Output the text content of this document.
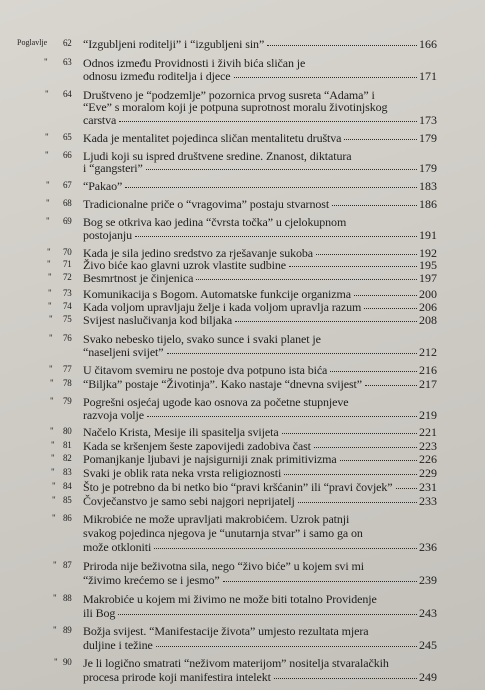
Poglavlje 62 “Izgubljeni roditelji” i “izgubljeni sin”	166
" 63 Odnos između Providnosti i živih bića sličan je
odnosu između roditelja i djece	171
" 64 Društveno je “podzemlje” pozornica prvog susreta “Adama” i
“Eve” s moralom koji je potpuna suprotnost moralu životinjskog
carstva	173
" 65 Kada je mentalitet pojedinca sličan mentalitetu društva	179
" 66 Ljudi koji su ispred društvene sredine. Znanost, diktatura
i “gangsteri”	179
" 67 “Pakao”	183
" 68 Tradicionalne priče o “vragovima” postaju stvarnost	186
" 69 Bog se otkriva kao jedina “čvrsta točka” u cjelokupnom
postojanju	191
" 70 Kada je sila jedino sredstvo za rješavanje sukoba	192
" 71 Živo biće kao glavni uzrok vlastite sudbine	195
" 72 Besmrtnost je činjenica	197
" 73 Komunikacija s Bogom. Automatske funkcije organizma	200
" 74 Kada voljom upravljaju želje i kada voljom upravlja razum	206
" 75 Svijest naslučivanja kod biljaka	208
" 76 Svako nebesko tijelo, svako sunce i svaki planet je
“naseljeni svijet”	212
" 77 U čitavom svemiru ne postoje dva potpuno ista bića	216
" 78 “Biljka” postaje “Životinja”. Kako nastaje “dnevna svijest”	217
" 79 Pogrešni osjećaj ugode kao osnova za početne stupnjeve
razvoja volje	219
" 80 Načelo Krista, Mesije ili spasitelja svijeta	221
" 81 Kada se kršenjem šeste zapovijedi zadobiva čast	223
" 82 Pomanjkanje ljubavi je najsigurniji znak primitivizma	226
" 83 Svaki je oblik rata neka vrsta religioznosti	229
" 84 Što je potrebno da bi netko bio “pravi kršćanin” ili “pravi čovjek” 231
" 85 Čovječanstvo je samo sebi najgori neprijatelj	233
" 86 Mikrobiće ne može upravljati makrobićem. Uzrok patnji
svakog pojedinca njegova je “unutarnja stvar” i samo ga on
može otkloniti	236
" 87 Priroda nije beživotna sila, nego “živo biće” u kojem svi mi
“živimo krećemo se i jesmo”	239
" 88 Makrobiće u kojem mi živimo ne može biti totalno Providenje
ili Bog	243
" 89 Božja svijest. “Manifestacije života” umjesto rezultata mjera
duljine i težine	245
" 90 Je li logično smatrati “neživom materijom” nositelja stvaralačkih
procesa prirode koji manifestira intelekt	249
